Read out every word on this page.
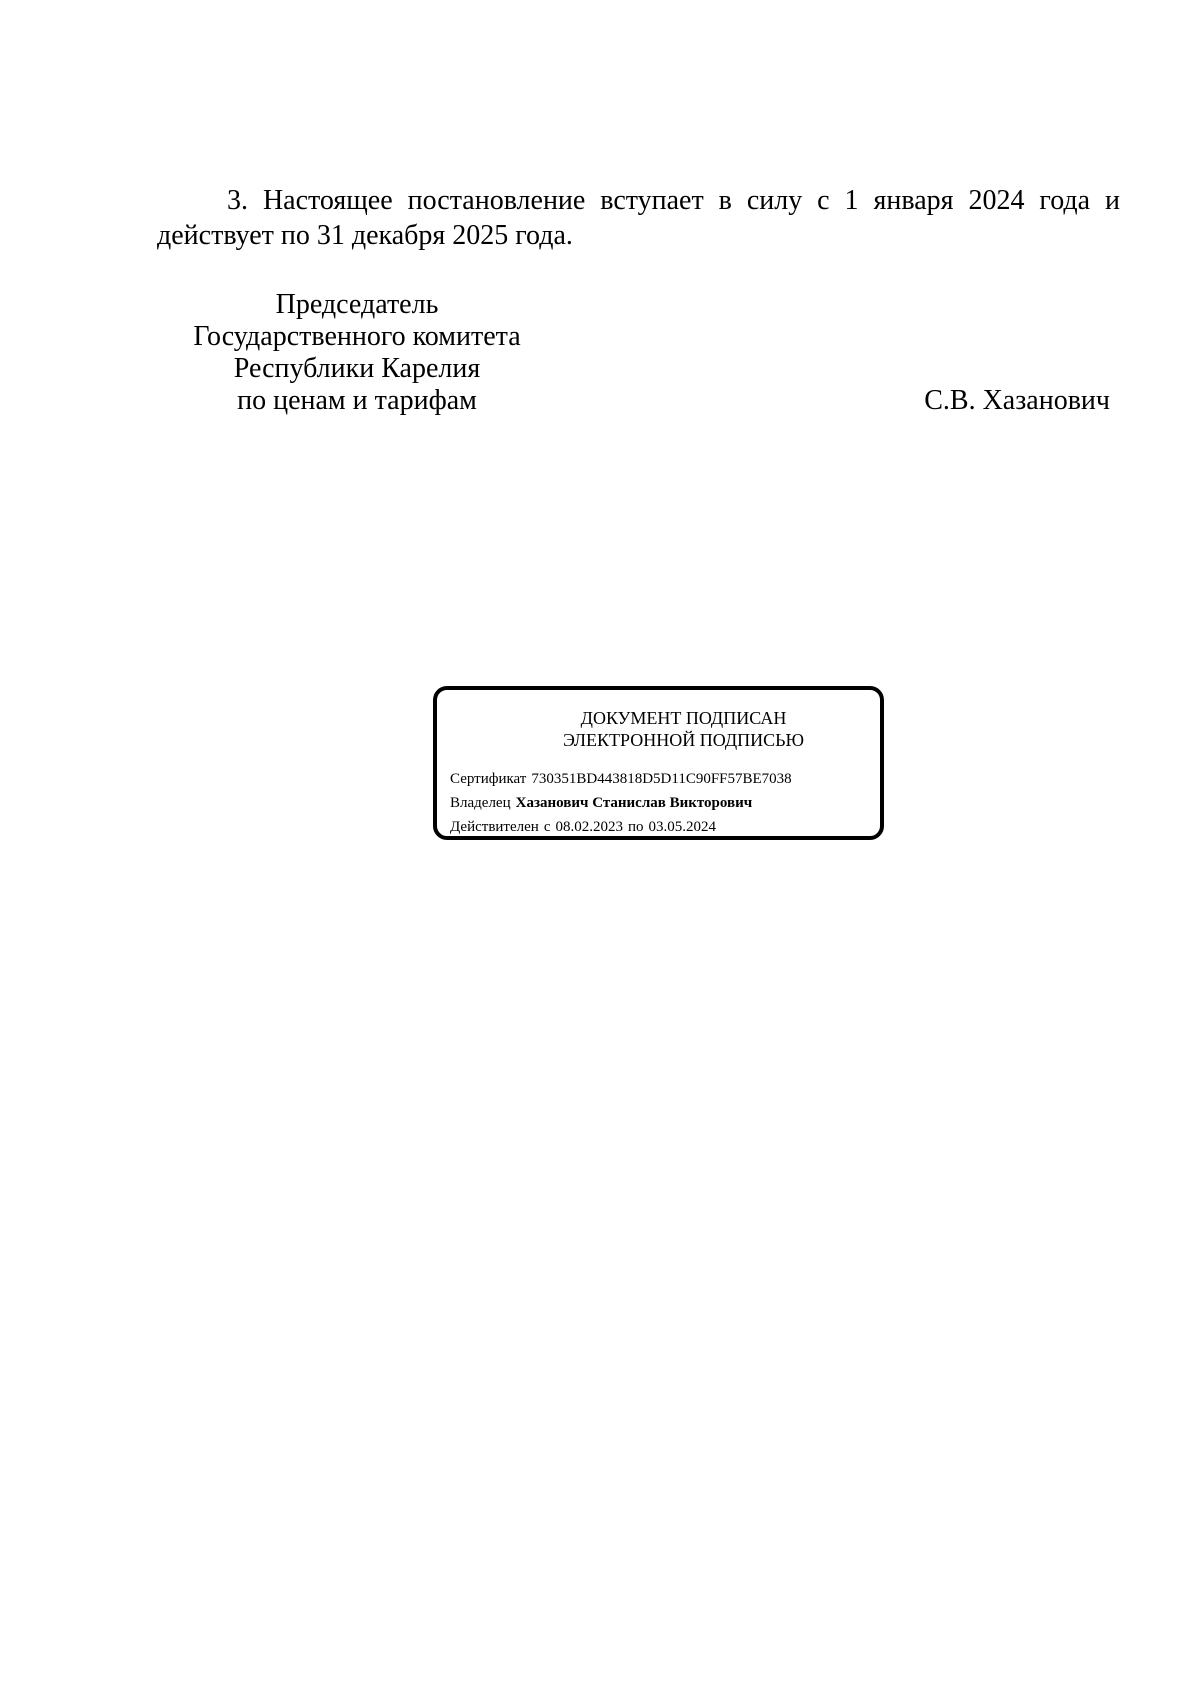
3. Настоящее постановление вступает в силу с 1 января 2024 года и действует по 31 декабря 2025 года.

Председатель
Государственного комитета
Республики Карелия
по ценам и тарифам	С.В. Хазанович
ДОКУМЕНТ ПОДПИСАН
ЭЛЕКТРОННОЙ ПОДПИСЬЮ
Сертификат 730351BD443818D5D11C90FF57BE7038
Владелец Хазанович Станислав Викторович
Действителен с 08.02.2023 по 03.05.2024
